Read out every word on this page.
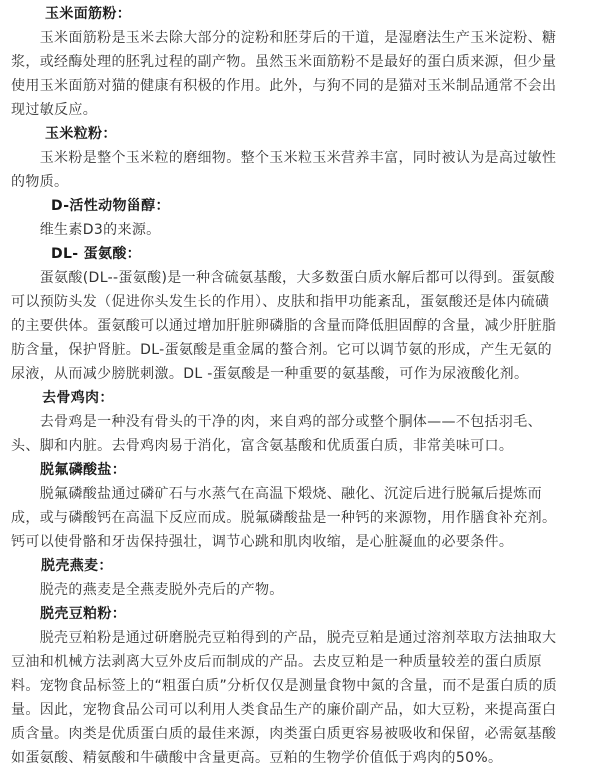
玉米面筋粉：

　　玉米面筋粉是玉米去除大部分的淀粉和胚芽后的干道，是湿磨法生产玉米淀粉、糖
浆，或经酶处理的胚乳过程的副产物。虽然玉米面筋粉不是最好的蛋白质来源，但少量
使用玉米面筋对猫的健康有积极的作用。此外，与狗不同的是猫对玉米制品通常不会出
现过敏反应。

玉米粒粉：

　　玉米粉是整个玉米粒的磨细物。整个玉米粒玉米营养丰富，同时被认为是高过敏性
的物质。

D-活性动物甾醇：

　　维生素D3的来源。

DL- 蛋氨酸：

　　蛋氨酸(DL--蛋氨酸)是一种含硫氨基酸，大多数蛋白质水解后都可以得到。蛋氨酸
可以预防头发（促进你头发生长的作用）、皮肤和指甲功能紊乱，蛋氨酸还是体内硫磺
的主要供体。蛋氨酸可以通过增加肝脏卵磷脂的含量而降低胆固醇的含量，减少肝脏脂
肪含量，保护肾脏。DL-蛋氨酸是重金属的螯合剂。它可以调节氨的形成，产生无氨的
尿液，从而减少膀胱刺激。DL -蛋氨酸是一种重要的氨基酸，可作为尿液酸化剂。

去骨鸡肉：

　　去骨鸡是一种没有骨头的干净的肉，来自鸡的部分或整个胴体——不包括羽毛、
头、脚和内脏。去骨鸡肉易于消化，富含氨基酸和优质蛋白质，非常美味可口。

脱氟磷酸盐：

　　脱氟磷酸盐通过磷矿石与水蒸气在高温下煅烧、融化、沉淀后进行脱氟后提炼而
成，或与磷酸钙在高温下反应而成。脱氟磷酸盐是一种钙的来源物，用作膳食补充剂。
钙可以使骨骼和牙齿保持强壮，调节心跳和肌肉收缩，是心脏凝血的必要条件。

脱壳燕麦：

　　脱壳的燕麦是全燕麦脱外壳后的产物。

脱壳豆粕粉：

　　脱壳豆粕粉是通过研磨脱壳豆粕得到的产品，脱壳豆粕是通过溶剂萃取方法抽取大
豆油和机械方法剥离大豆外皮后而制成的产品。去皮豆粕是一种质量较差的蛋白质原
料。宠物食品标签上的“粗蛋白质”分析仅仅是测量食物中氮的含量，而不是蛋白质的质
量。因此，宠物食品公司可以利用人类食品生产的廉价副产品，如大豆粉，来提高蛋白
质含量。肉类是优质蛋白质的最佳来源，肉类蛋白质更容易被吸收和保留，必需氨基酸
如蛋氨酸、精氨酸和牛磺酸中含量更高。豆粕的生物学价值低于鸡肉的50%。
